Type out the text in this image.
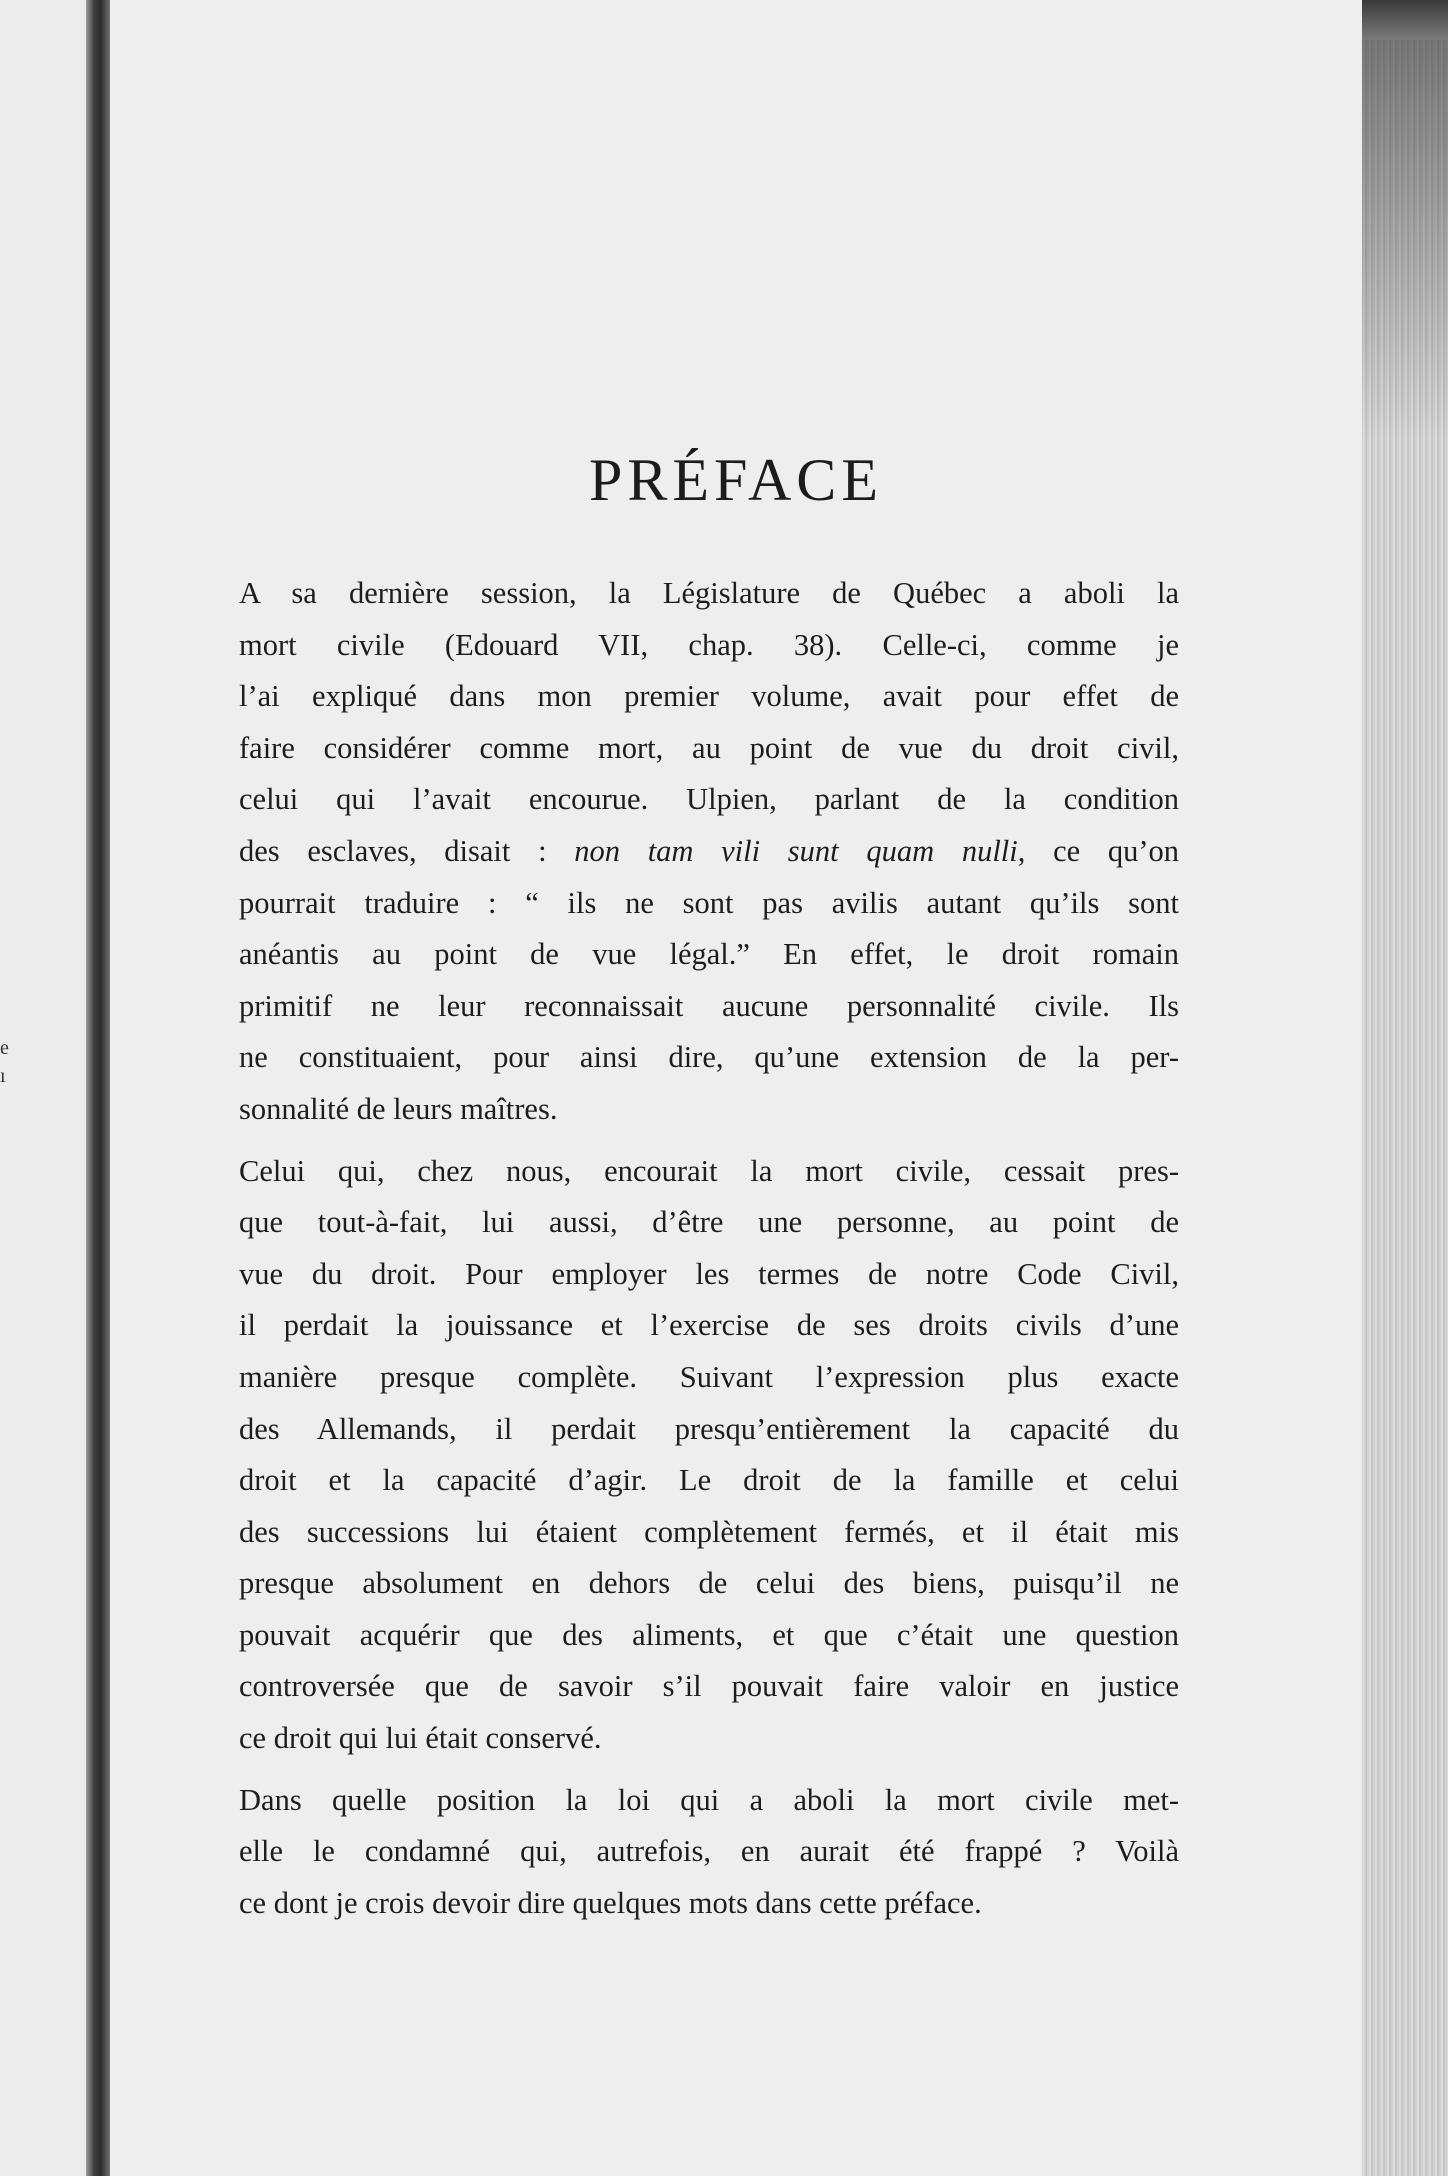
e
ı
PRÉFACE

A sa dernière session, la Législature de Québec a aboli la
mort civile (Edouard VII, chap. 38). Celle-ci, comme je
l’ai expliqué dans mon premier volume, avait pour effet de
faire considérer comme mort, au point de vue du droit civil,
celui qui l’avait encourue. Ulpien, parlant de la condition
des esclaves, disait : non tam vili sunt quam nulli, ce qu’on
pourrait traduire : “ ils ne sont pas avilis autant qu’ils sont
anéantis au point de vue légal.” En effet, le droit romain
primitif ne leur reconnaissait aucune personnalité civile. Ils
ne constituaient, pour ainsi dire, qu’une extension de la per-
sonnalité de leurs maîtres.

Celui qui, chez nous, encourait la mort civile, cessait pres-
que tout-à-fait, lui aussi, d’être une personne, au point de
vue du droit. Pour employer les termes de notre Code Civil,
il perdait la jouissance et l’exercise de ses droits civils d’une
manière presque complète. Suivant l’expression plus exacte
des Allemands, il perdait presqu’entièrement la capacité du
droit et la capacité d’agir. Le droit de la famille et celui
des successions lui étaient complètement fermés, et il était mis
presque absolument en dehors de celui des biens, puisqu’il ne
pouvait acquérir que des aliments, et que c’était une question
controversée que de savoir s’il pouvait faire valoir en justice
ce droit qui lui était conservé.

Dans quelle position la loi qui a aboli la mort civile met-
elle le condamné qui, autrefois, en aurait été frappé ? Voilà
ce dont je crois devoir dire quelques mots dans cette préface.
